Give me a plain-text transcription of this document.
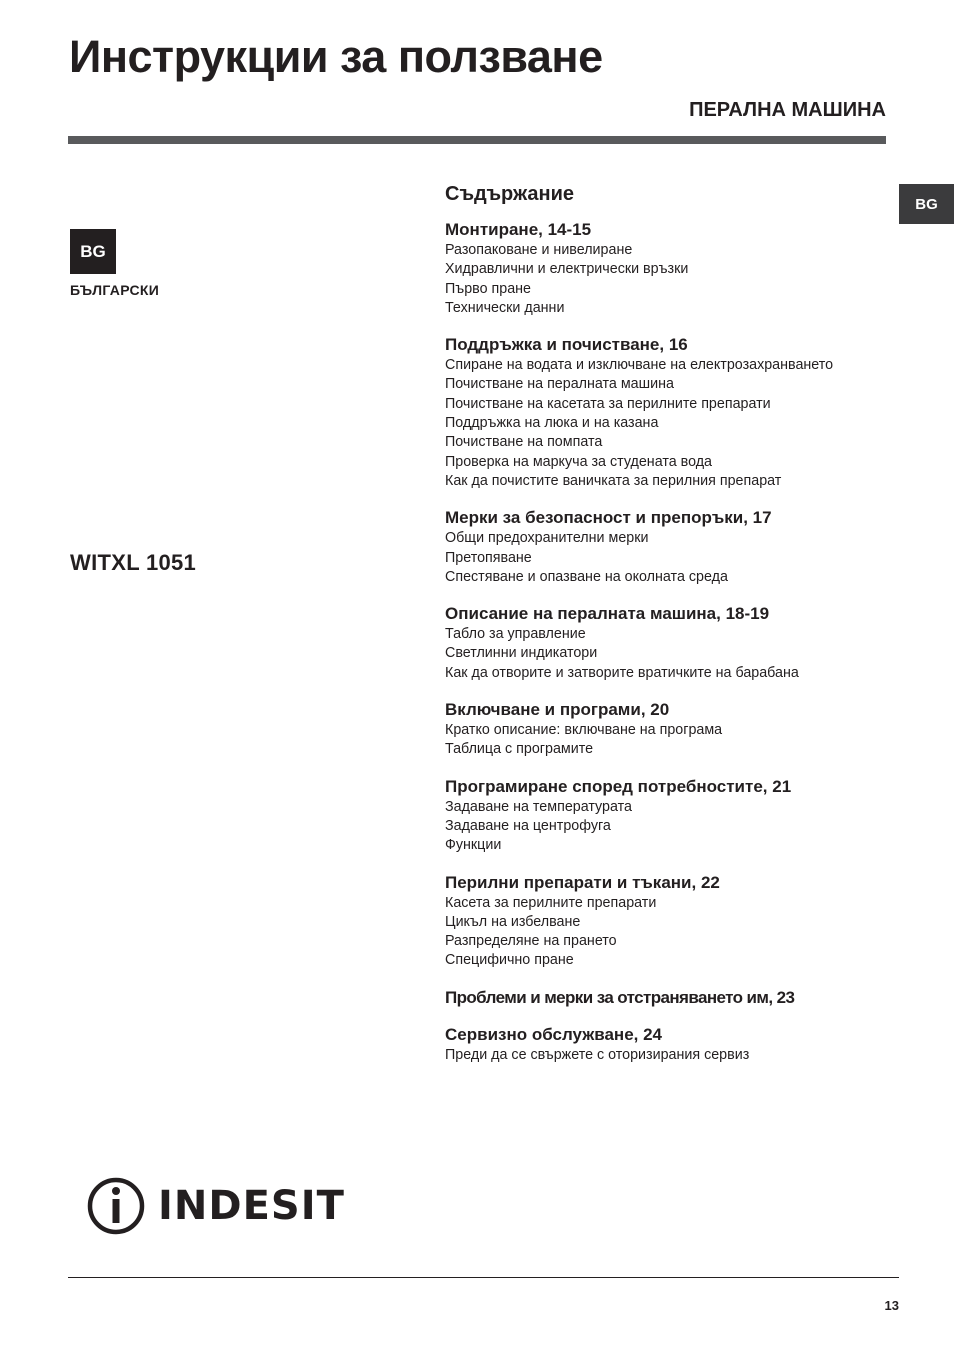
Инструкции за ползване
ПЕРАЛНА МАШИНА
BG
BG
БЪЛГАРСКИ
WITXL 1051
Съдържание
Монтиране, 14-15
Разопаковане и нивелиране
Хидравлични и електрически връзки
Първо пране
Технически данни
Поддръжка и почистване, 16
Спиране на водата и изключване на електрозахранването
Почистване на пералната машина
Почистване на касетата за перилните препарати
Поддръжка на люка и на казана
Почистване на помпата
Проверка на маркуча за студената вода
Как да почистите ваничката за перилния препарат
Мерки за безопасност и препоръки, 17
Общи предохранителни мерки
Претопяване
Спестяване и опазване на околната среда
Описание на пералната машина, 18-19
Табло за управление
Светлинни индикатори
Как да отворите и затворите вратичките на барабана
Включване и програми, 20
Кратко описание: включване на програма
Таблица с програмите
Програмиране според потребностите, 21
Задаване на температурата
Задаване на центрофуга
Функции
Перилни препарати и тъкани, 22
Касета за перилните препарати
Цикъл на избелване
Разпределяне на прането
Специфично пране
Проблеми и мерки за отстраняването им, 23
Сервизно обслужване, 24
Преди да се свържете с оторизирания сервиз
INDESIT
13
